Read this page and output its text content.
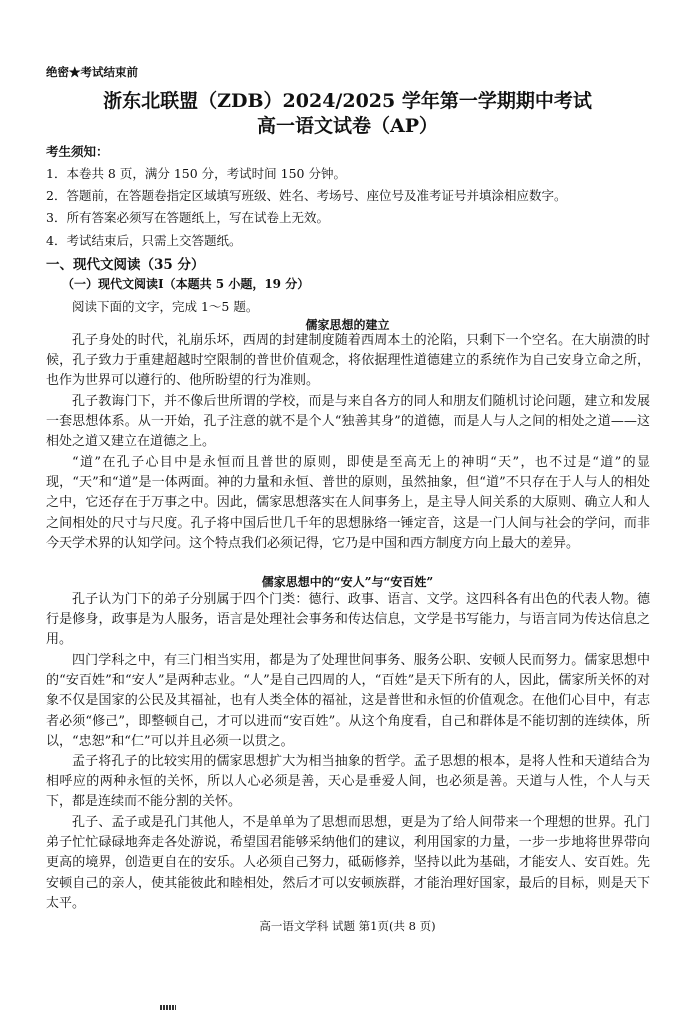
绝密★考试结束前
浙东北联盟（ZDB）2024/2025 学年第一学期期中考试
高一语文试卷（AP）
考生须知：
1．本卷共 8 页，满分 150 分，考试时间 150 分钟。
2．答题前，在答题卷指定区域填写班级、姓名、考场号、座位号及准考证号并填涂相应数字。
3．所有答案必须写在答题纸上，写在试卷上无效。
4．考试结束后，只需上交答题纸。
一、现代文阅读（35 分）
（一）现代文阅读Ⅰ（本题共 5 小题，19 分）
阅读下面的文字，完成 1～5 题。
儒家思想的建立
孔子身处的时代，礼崩乐坏，西周的封建制度随着西周本土的沦陷，只剩下一个空名。在大崩溃的时候，孔子致力于重建超越时空限制的普世价值观念，将依据理性道德建立的系统作为自己安身立命之所，也作为世界可以遵行的、他所盼望的行为准则。
孔子教诲门下，并不像后世所谓的学校，而是与来自各方的同人和朋友们随机讨论问题，建立和发展一套思想体系。从一开始，孔子注意的就不是个人“独善其身”的道德，而是人与人之间的相处之道——这相处之道又建立在道德之上。
“道”在孔子心目中是永恒而且普世的原则，即使是至高无上的神明“天”，也不过是“道”的显现，“天”和“道”是一体两面。神的力量和永恒、普世的原则，虽然抽象，但“道”不只存在于人与人的相处之中，它还存在于万事之中。因此，儒家思想落实在人间事务上，是主导人间关系的大原则、确立人和人之间相处的尺寸与尺度。孔子将中国后世几千年的思想脉络一锤定音，这是一门人间与社会的学问，而非今天学术界的认知学问。这个特点我们必须记得，它乃是中国和西方制度方向上最大的差异。
儒家思想中的“安人”与“安百姓”
孔子认为门下的弟子分别属于四个门类：德行、政事、语言、文学。这四科各有出色的代表人物。德行是修身，政事是为人服务，语言是处理社会事务和传达信息，文学是书写能力，与语言同为传达信息之用。
四门学科之中，有三门相当实用，都是为了处理世间事务、服务公职、安顿人民而努力。儒家思想中的“安百姓”和“安人”是两种志业。“人”是自己四周的人，“百姓”是天下所有的人，因此，儒家所关怀的对象不仅是国家的公民及其福祉，也有人类全体的福祉，这是普世和永恒的价值观念。在他们心目中，有志者必须“修己”，即整顿自己，才可以进而“安百姓”。从这个角度看，自己和群体是不能切割的连续体，所以，“忠恕”和“仁”可以并且必须一以贯之。
孟子将孔子的比较实用的儒家思想扩大为相当抽象的哲学。孟子思想的根本，是将人性和天道结合为相呼应的两种永恒的关怀，所以人心必须是善，天心是垂爱人间，也必须是善。天道与人性，个人与天下，都是连续而不能分割的关怀。
孔子、孟子或是孔门其他人，不是单单为了思想而思想，更是为了给人间带来一个理想的世界。孔门弟子忙忙碌碌地奔走各处游说，希望国君能够采纳他们的建议，利用国家的力量，一步一步地将世界带向更高的境界，创造更自在的安乐。人必须自己努力，砥砺修养，坚持以此为基础，才能安人、安百姓。先安顿自己的亲人，使其能彼此和睦相处，然后才可以安顿族群，才能治理好国家，最后的目标，则是天下太平。
高一语文学科 试题 第1页(共 8 页)
